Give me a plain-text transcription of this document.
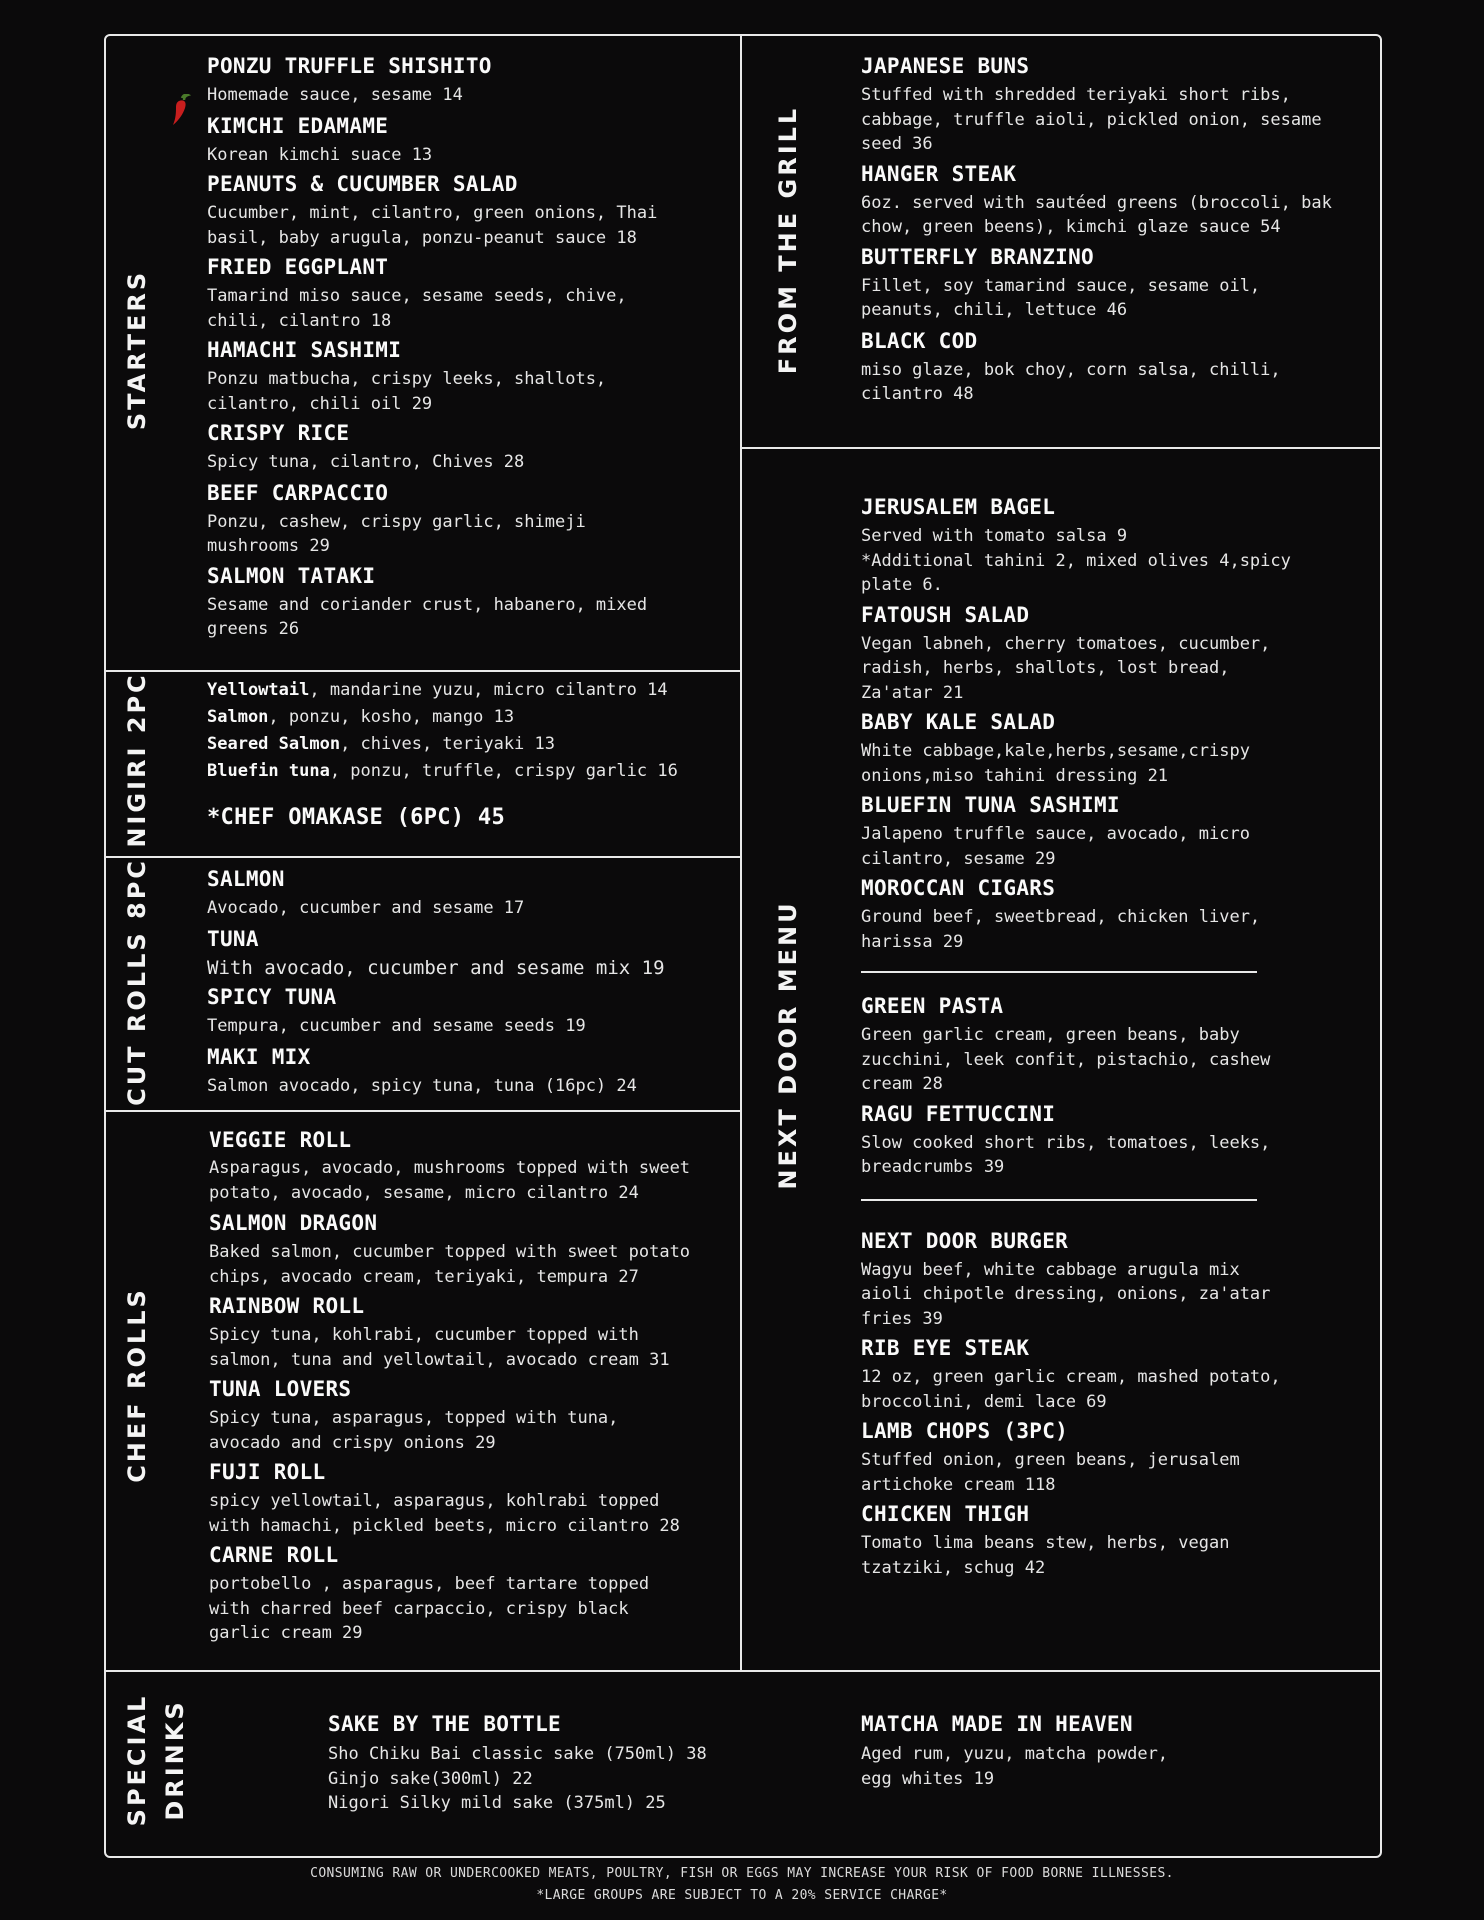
STARTERS
NIGIRI 2PC
CUT ROLLS 8PC
CHEF ROLLS
FROM THE GRILL
NEXT DOOR MENU
SPECIAL DRINKS
PONZU TRUFFLE SHISHITO
Homemade sauce, sesame 14
KIMCHI EDAMAME
Korean kimchi suace 13
PEANUTS & CUCUMBER SALAD
Cucumber, mint, cilantro, green onions, Thai
basil, baby arugula, ponzu-peanut sauce 18
FRIED EGGPLANT
Tamarind miso sauce, sesame seeds, chive,
chili, cilantro 18
HAMACHI SASHIMI
Ponzu matbucha, crispy leeks, shallots,
cilantro, chili oil 29
CRISPY RICE
Spicy tuna, cilantro, Chives 28
BEEF CARPACCIO
Ponzu, cashew, crispy garlic, shimeji
mushrooms 29
SALMON TATAKI
Sesame and coriander crust, habanero, mixed
greens 26
Yellowtail, mandarine yuzu, micro cilantro 14
Salmon, ponzu, kosho, mango 13
Seared Salmon, chives, teriyaki 13
Bluefin tuna, ponzu, truffle, crispy garlic 16
*CHEF OMAKASE (6PC) 45
SALMON
Avocado, cucumber and sesame 17
TUNA
With avocado, cucumber and sesame mix 19
SPICY TUNA
Tempura, cucumber and sesame seeds 19
MAKI MIX
Salmon avocado, spicy tuna, tuna (16pc) 24
VEGGIE ROLL
Asparagus, avocado, mushrooms topped with sweet
potato, avocado, sesame, micro cilantro 24
SALMON DRAGON
Baked salmon, cucumber topped with sweet potato
chips, avocado cream, teriyaki, tempura 27
RAINBOW ROLL
Spicy tuna, kohlrabi, cucumber topped with
salmon, tuna and yellowtail, avocado cream 31
TUNA LOVERS
Spicy tuna, asparagus, topped with tuna,
avocado and crispy onions 29
FUJI ROLL
spicy yellowtail, asparagus, kohlrabi topped
with hamachi, pickled beets, micro cilantro 28
CARNE ROLL
portobello , asparagus, beef tartare topped
with charred beef carpaccio, crispy black
garlic cream 29
JAPANESE BUNS
Stuffed with shredded teriyaki short ribs,
cabbage, truffle aioli, pickled onion, sesame
seed 36
HANGER STEAK
6oz. served with sautéed greens (broccoli, bak
chow, green beens), kimchi glaze sauce 54
BUTTERFLY BRANZINO
Fillet, soy tamarind sauce, sesame oil,
peanuts, chili, lettuce 46
BLACK COD
miso glaze, bok choy, corn salsa, chilli,
cilantro 48
JERUSALEM BAGEL
Served with tomato salsa 9
*Additional tahini 2, mixed olives 4,spicy
plate 6.
FATOUSH SALAD
Vegan labneh, cherry tomatoes, cucumber,
radish, herbs, shallots, lost bread,
Za'atar 21
BABY KALE SALAD
White cabbage,kale,herbs,sesame,crispy
onions,miso tahini dressing 21
BLUEFIN TUNA SASHIMI
Jalapeno truffle sauce, avocado, micro
cilantro, sesame 29
MOROCCAN CIGARS
Ground beef, sweetbread, chicken liver,
harissa 29
GREEN PASTA
Green garlic cream, green beans, baby
zucchini, leek confit, pistachio, cashew
cream 28
RAGU FETTUCCINI
Slow cooked short ribs, tomatoes, leeks,
breadcrumbs 39
NEXT DOOR BURGER
Wagyu beef, white cabbage arugula mix
aioli chipotle dressing, onions, za'atar
fries 39
RIB EYE STEAK
12 oz, green garlic cream, mashed potato,
broccolini, demi lace 69
LAMB CHOPS (3PC)
Stuffed onion, green beans, jerusalem
artichoke cream 118
CHICKEN THIGH
Tomato lima beans stew, herbs, vegan
tzatziki, schug 42
SAKE BY THE BOTTLE
Sho Chiku Bai classic sake (750ml) 38
Ginjo sake(300ml) 22
Nigori Silky mild sake (375ml) 25
MATCHA MADE IN HEAVEN
Aged rum, yuzu, matcha powder,
egg whites 19
CONSUMING RAW OR UNDERCOOKED MEATS, POULTRY, FISH OR EGGS MAY INCREASE YOUR RISK OF FOOD BORNE ILLNESSES.
*LARGE GROUPS ARE SUBJECT TO A 20% SERVICE CHARGE*
